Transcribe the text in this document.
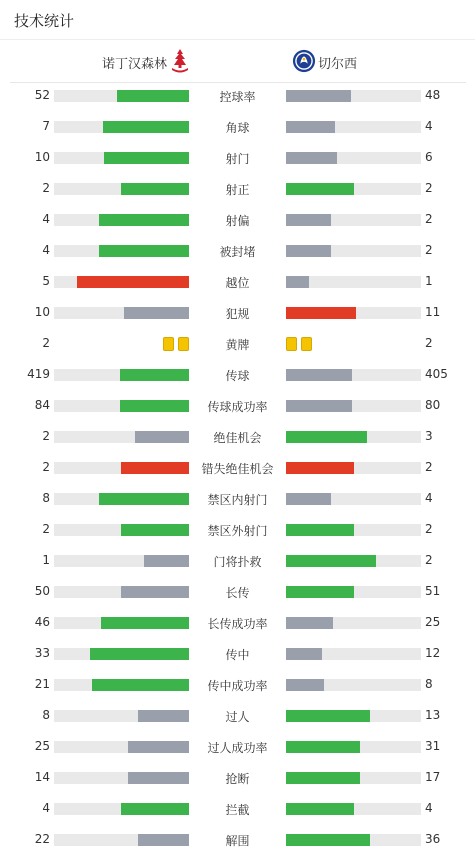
技术统计
诺丁汉森林	切尔西
52	控球率	48
7	角球	4
10	射门	6
2	射正	2
4	射偏	2
4	被封堵	2
5	越位	1
10	犯规	11
2	黄牌	2
419	传球	405
84	传球成功率	80
2	绝佳机会	3
2	错失绝佳机会	2
8	禁区内射门	4
2	禁区外射门	2
1	门将扑救	2
50	长传	51
46	长传成功率	25
33	传中	12
21	传中成功率	8
8	过人	13
25	过人成功率	31
14	抢断	17
4	拦截	4
22	解围	36
